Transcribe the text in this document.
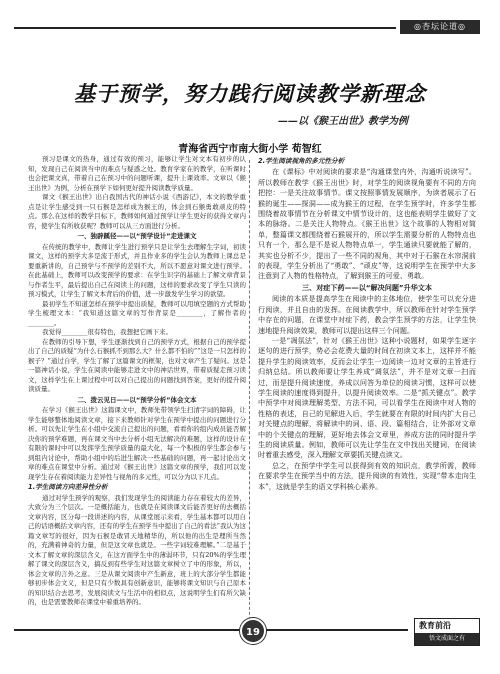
◎杏坛论道◎
基于预学，努力践行阅读教学新理念
——以《猴王出世》教学为例
青海省西宁市南大街小学 荀智红

预习是课文的热身，通过有效的预习，能够让学生对文本有初步的认知，发现自己在阅读当中的难点与疑惑之处。教育学家在的教学，在听课时也会把课文真，带着自己在预习中的问题听课，提升上课效率。文章以《猴王出世》为例，分析在预学下如何更好提升阅读教学质量。

课文《猴王出世》出自我国古代的神话小说《西游记》，本文的教学重点是让学生感受到一只石猴是怎样成为猴王的，体会到石猴勇敢顽皮的特点。那么在这样的教学目标下，教师如何通过预学让学生更好的获得文章内容，使学生有所收获呢？教师可以从三方面进行分析。

一、独辟蹊径——以“预学设计”走进课文

在传统的教学中，教师让学生进行预学只是让学生去理解生字词，初读课文，这样的预学大多是流于形式，并且作业多的学生会认为教师上课总是要重新讲的，自己预学与不预学的差别不大，所以不愿意对课文进行预学。在此基础上，教师可以改变预学的要求：在学生识字的基础上了解文章背景与作者生平，最后提出自己在阅读上的问题，这样的要求改变了学生只读的预习模式，让学生了解文本背后的价值，进一步激发学生学习的欲望。

最初学生不知道怎样在预学中提出质疑，教师可以用填空题的方式帮助学生梳理文本：“我知道这篇文章的写作背景是________，了解作者的________。

我觉得________很有特色，我想把它画下来。

在教师的引导下想，学生逐渐找到自己的预学方式，根据自己的预学提出了自己的质疑“为什么石猴抓不到那么大？什么都不怕的”“这是一只怎样的猴子？”通过自学，学生了解了这篇课文的框架，也对文章产生了疑问。这是一篇神话小说，学生在阅读中能够走进文中的神话世界，带着质疑走预习读文，这样学生在上课过程中可以对自己提出的问题找到答案，更好的提升阅读质量。

二、拨云见日——以“预学分析”体会文本

在学习《猴王出世》这篇课文中，教师先带领学生扫清字词的障碍，让学生能够整体地阅读文章，接下来教师针对学生在预学中提出的问题进行分析。可以先让学生在小组中交流自己提出的问题，看看你的组内成员能否解决你的预学难题，再在课文当中去分析小组无法解决的难题，这样的设计在有限的课时中可以发挥学生预学质量的最大化，每一个积极的学生都会参与到组内讨论中，帮助小组中的后进生解决一些基础的问题，再一起讨论出文章的难点在课堂中分析。通过对《猴王出世》这篇文章的预学，我们可以发现学生存在着阅读能力差异性与视角的多元性，可以分为以下几点。

1.学生阅读方向差异性分析

通过对学生预学的观察，我们发现学生的阅读能力存在着较大的差异，大致分为三个层次。一是概括能力，也就是在阅读课文后能否更好的去概括文章内容，区分每一段讲述的内容，从课堂展示来看，学生基本都可以用自己的话语概括文章内容，还有的学生在预学当中提出了自己的看法“我认为这篇文章写的很好，因为石猴是敢冒天地精华的，所以他的出生是理所当然的，充满着神奇的力量，但是这文章也就是。一些字词较难理解。”二是基于文本了解文章的深层含义，在这方面学生中的薄弱环节，只有20%的学生理解了课文的深层含义，搞反到有些学生对这篇文章树立了中的形象，所以，体会文章的言外之意。三是从课文阅读中产生新意，班上的大部分学生都能够初步体会文义，但是只有少数具有创新意识，能够将课文知识与自己原本的知识结合去思考，发展阅读文与生活中的相似点，这说明学生们有所欠缺的，也是需要教师在课堂中着重培养的。

2.学生阅读视角的多元性分析

在《课标》中对阅读的要求是“沟通课堂内外，沟通听说读写”。所以教师在教学《猴王出世》时，对学生的阅读视角要有不同的方向把控：一是关注故事情节。课文按照事情发展顺序，为读者展示了石猴的诞生——探洞——成为猴王的过程，在学生预学时，许多学生都围绕着故事情节在分析课文中情节设计的，这也能表明学生做好了文本的脉络。二是关注人物特点。《猴王出世》这个故事的人物相对简单，整篇课文都围绕着石猴展开的，所以学生需要分析的人物特点也只有一个，那么是不是说人物特点单一，学生通读只要就能了解的，其实也分析不少，提出了一些不同的视角，其中对于石猴在水帘洞前的表现，学生分析出了“勇敢”、“顽皮”等，这说明学生在预学中大多注意到了人物的性格特点，了解到猴王的可爱、勇敢。

三、对症下药——以“解决问题”升华文本

阅读的本质是提高学生在阅读中的主体地位，使学生可以充分进行阅读，并且自由的发挥。在阅读教学中，所以教师在针对学生预学中存在的问题，在课堂中对症下药，教会学生预学的方法，让学生快速地提升阅读效果，教师可以提出这样三个问题。

一是“凋氛法”，针对《猴王出世》这种小说题材，如果学生逐字逐句的进行预学，势必会花费大量的时间在初读文本上，这样并不能提升学生的阅读效率，反而会让学生一边阅读一边对文章的主旨进行归纳总结。所以教师要让学生养成“调氛法”，并不是对文章一扫而过，而是提升阅读速度，养成以问答为单位的阅读习惯，这样可以使学生阅读的速度得到提升，以提升阅读效率。二是“抓关键点”。教学中预学中对阅读理解类型、方法不同，可以看学生在阅读中对人物的性格的表述，自己的见解进入后，学生就要在有限的时间内扩大自己对关键点的理解，将解读中的词、语、段、篇相结合，让外部对文章中的个关键点的理解，更好地去体会文章里，养成方法的同时提升学生的阅读质量。例如，教师可以先让学生在文中找出关键词，在阅读时着重去感受，深入理解文章要抓关键点读文。

总之，在预学中学生可以获得到有效的知识点，教学所需，教师在要求学生在预学当中的方法，提升阅读的有效性，实现“带本走向生本”，这就是学生的语文学科核心素养。

19
教育前沿
悟文成面之有
